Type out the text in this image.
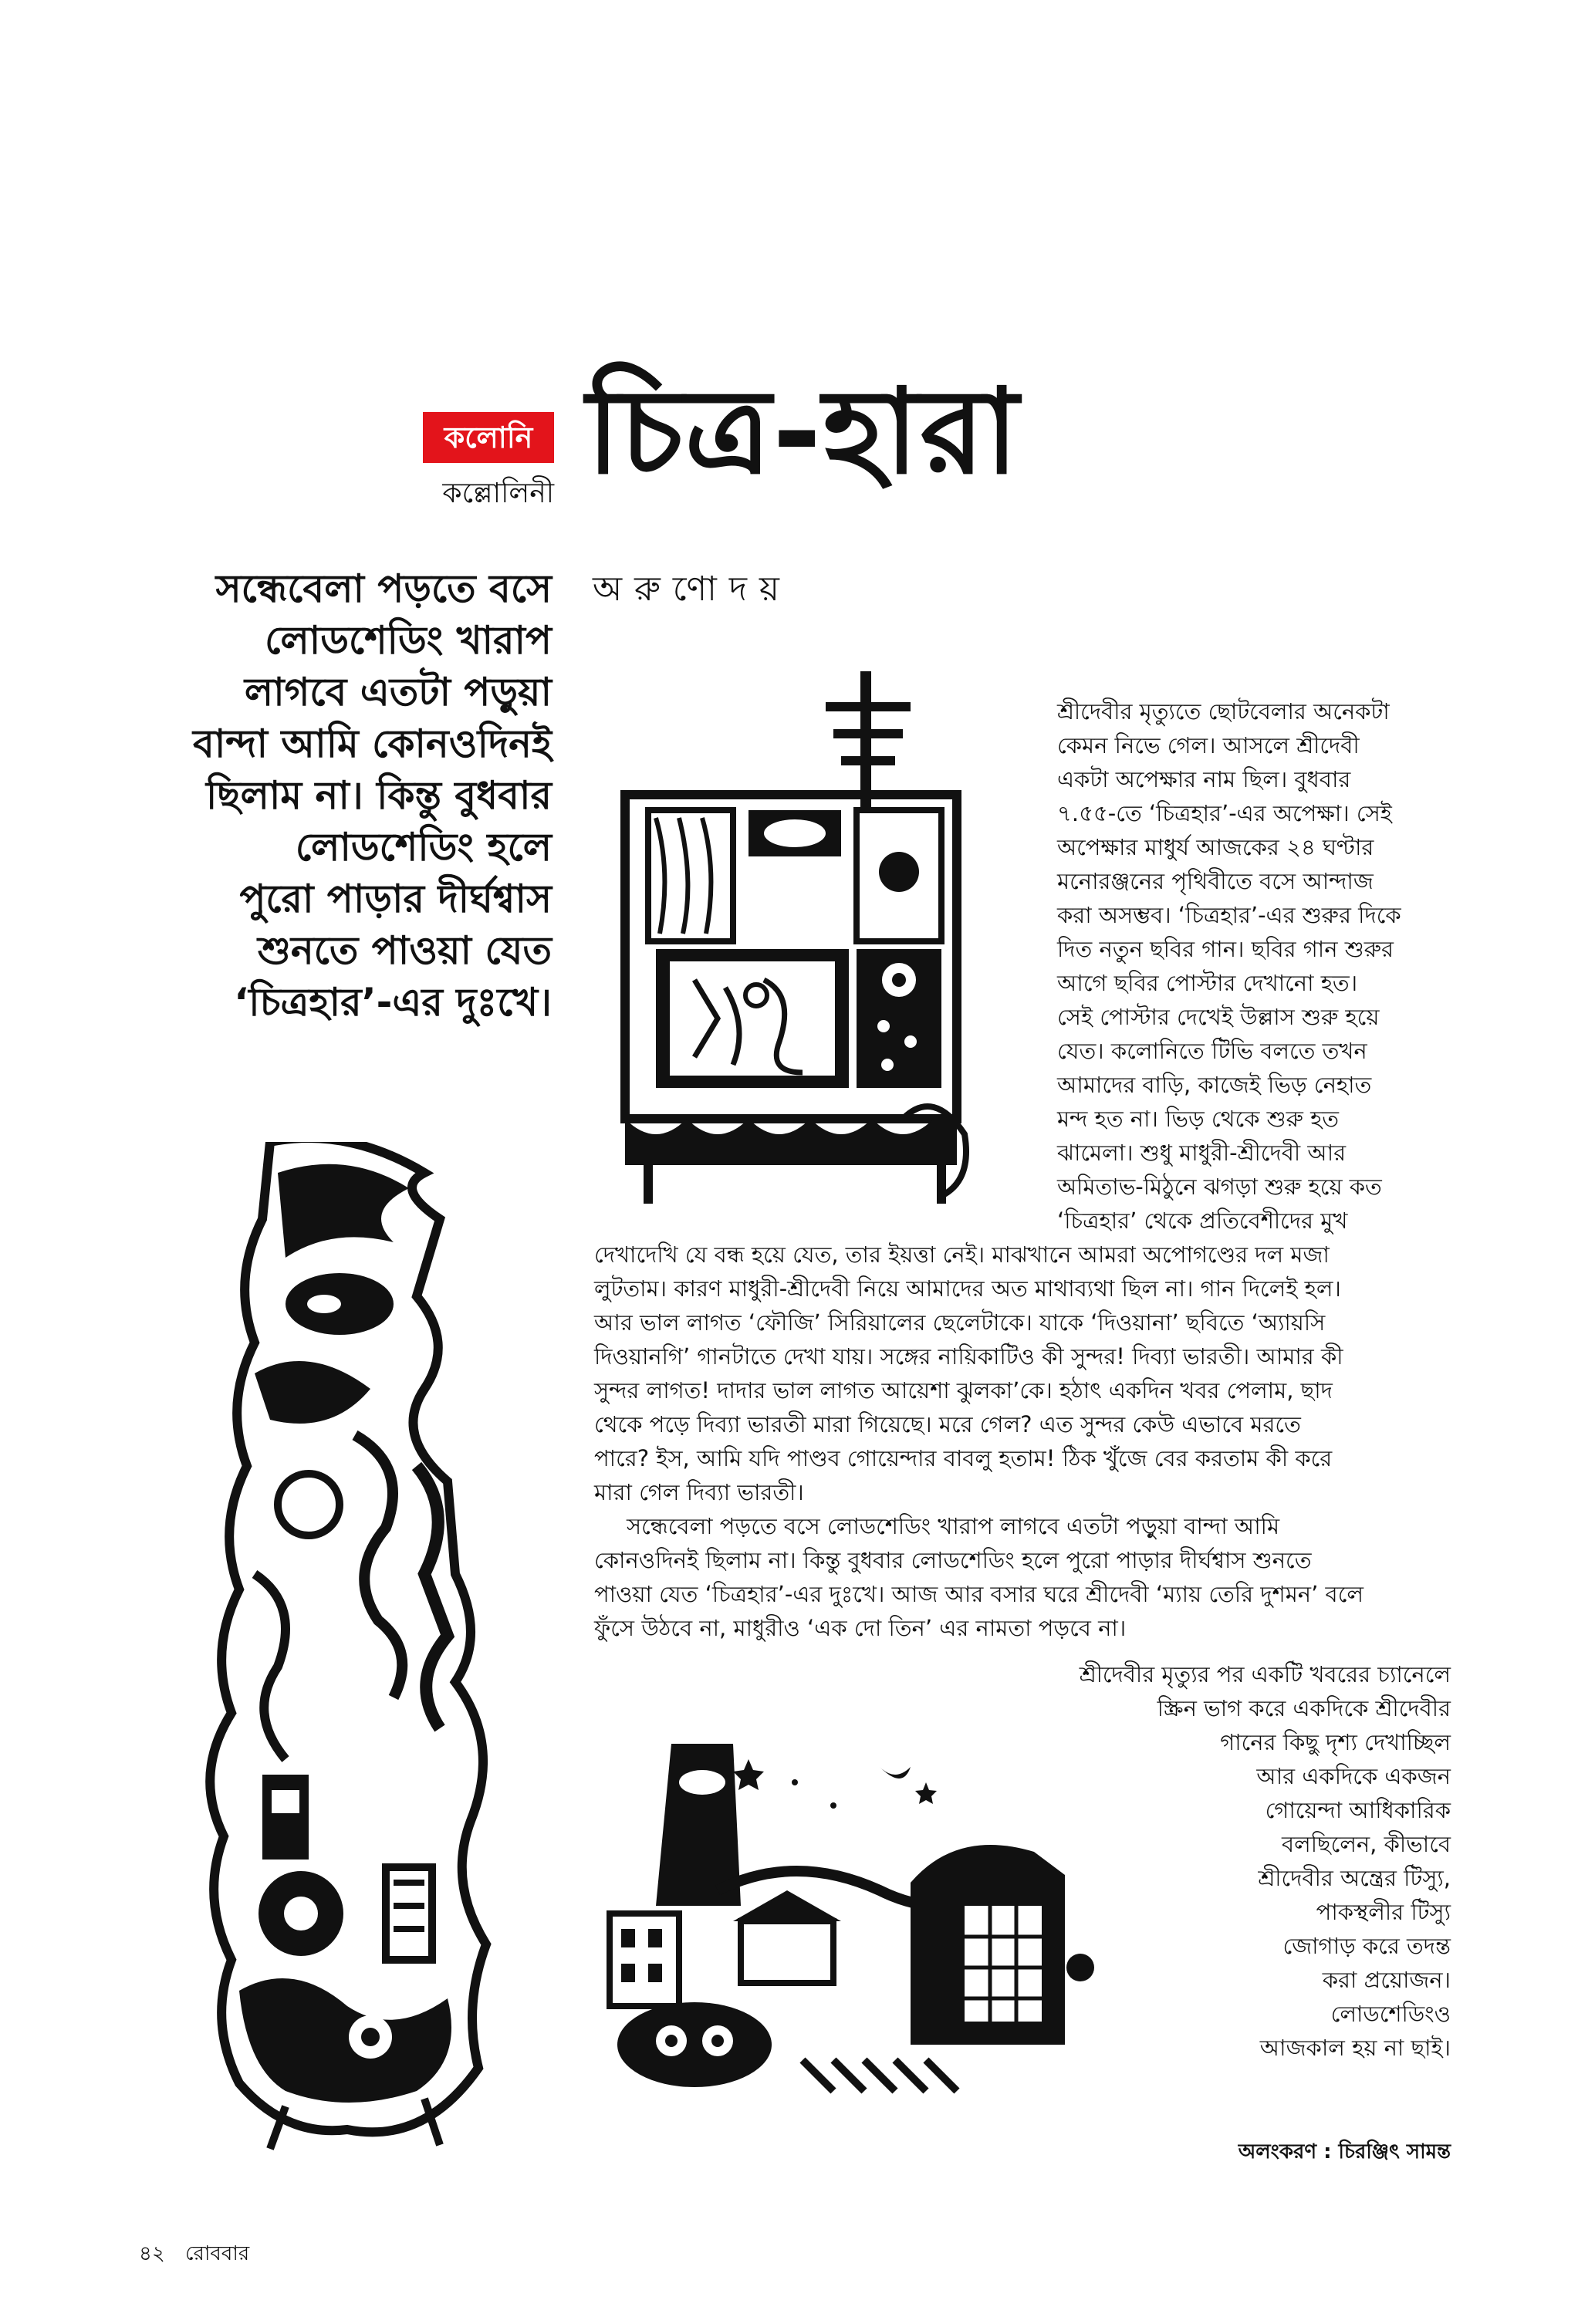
কলোনি
কল্লোলিনী চিত্র-হারা
অরুণোদয়
সন্ধেবেলা পড়তে বসে
লোডশেডিং খারাপ
লাগবে এতটা পড়ুয়া
বান্দা আমি কোনওদিনই
ছিলাম না। কিন্তু বুধবার
লোডশেডিং হলে
পুরো পাড়ার দীর্ঘশ্বাস
শুনতে পাওয়া যেত
‘চিত্রহার’-এর দুঃখে।
শ্রীদেবীর মৃত্যুতে ছোটবেলার অনেকটা
কেমন নিভে গেল। আসলে শ্রীদেবী
একটা অপেক্ষার নাম ছিল। বুধবার
৭.৫৫-তে ‘চিত্রহার’-এর অপেক্ষা। সেই
অপেক্ষার মাধুর্য আজকের ২৪ ঘণ্টার
মনোরঞ্জনের পৃথিবীতে বসে আন্দাজ
করা অসম্ভব। ‘চিত্রহার’-এর শুরুর দিকে
দিত নতুন ছবির গান। ছবির গান শুরুর
আগে ছবির পোস্টার দেখানো হত।
সেই পোস্টার দেখেই উল্লাস শুরু হয়ে
যেত। কলোনিতে টিভি বলতে তখন
আমাদের বাড়ি, কাজেই ভিড় নেহাত
মন্দ হত না। ভিড় থেকে শুরু হত
ঝামেলা। শুধু মাধুরী-শ্রীদেবী আর
অমিতাভ-মিঠুনে ঝগড়া শুরু হয়ে কত
‘চিত্রহার’ থেকে প্রতিবেশীদের মুখ
দেখাদেখি যে বন্ধ হয়ে যেত, তার ইয়ত্তা নেই। মাঝখানে আমরা অপোগণ্ডের দল মজা
লুটতাম। কারণ মাধুরী-শ্রীদেবী নিয়ে আমাদের অত মাথাব্যথা ছিল না। গান দিলেই হল।
আর ভাল লাগত ‘ফৌজি’ সিরিয়ালের ছেলেটাকে। যাকে ‘দিওয়ানা’ ছবিতে ‘অ্যায়সি
দিওয়ানগি’ গানটাতে দেখা যায়। সঙ্গের নায়িকাটিও কী সুন্দর! দিব্যা ভারতী। আমার কী
সুন্দর লাগত! দাদার ভাল লাগত আয়েশা ঝুলকা’কে। হঠাৎ একদিন খবর পেলাম, ছাদ
থেকে পড়ে দিব্যা ভারতী মারা গিয়েছে। মরে গেল? এত সুন্দর কেউ এভাবে মরতে
পারে? ইস, আমি যদি পাণ্ডব গোয়েন্দার বাবলু হতাম! ঠিক খুঁজে বের করতাম কী করে
মারা গেল দিব্যা ভারতী।
সন্ধেবেলা পড়তে বসে লোডশেডিং খারাপ লাগবে এতটা পড়ুয়া বান্দা আমি
কোনওদিনই ছিলাম না। কিন্তু বুধবার লোডশেডিং হলে পুরো পাড়ার দীর্ঘশ্বাস শুনতে
পাওয়া যেত ‘চিত্রহার’-এর দুঃখে। আজ আর বসার ঘরে শ্রীদেবী ‘ম্যায় তেরি দুশমন’ বলে
ফুঁসে উঠবে না, মাধুরীও ‘এক দো তিন’ এর নামতা পড়বে না।
শ্রীদেবীর মৃত্যুর পর একটি খবরের চ্যানেলে
স্ক্রিন ভাগ করে একদিকে শ্রীদেবীর
গানের কিছু দৃশ্য দেখাচ্ছিল
আর একদিকে একজন
গোয়েন্দা আধিকারিক
বলছিলেন, কীভাবে
শ্রীদেবীর অন্ত্রের টিস্যু,
পাকস্থলীর টিস্যু
জোগাড় করে তদন্ত
করা প্রয়োজন।
লোডশেডিংও
আজকাল হয় না ছাই।
অলংকরণ : চিরঞ্জিৎ সামন্ত
৪২ রোববার
